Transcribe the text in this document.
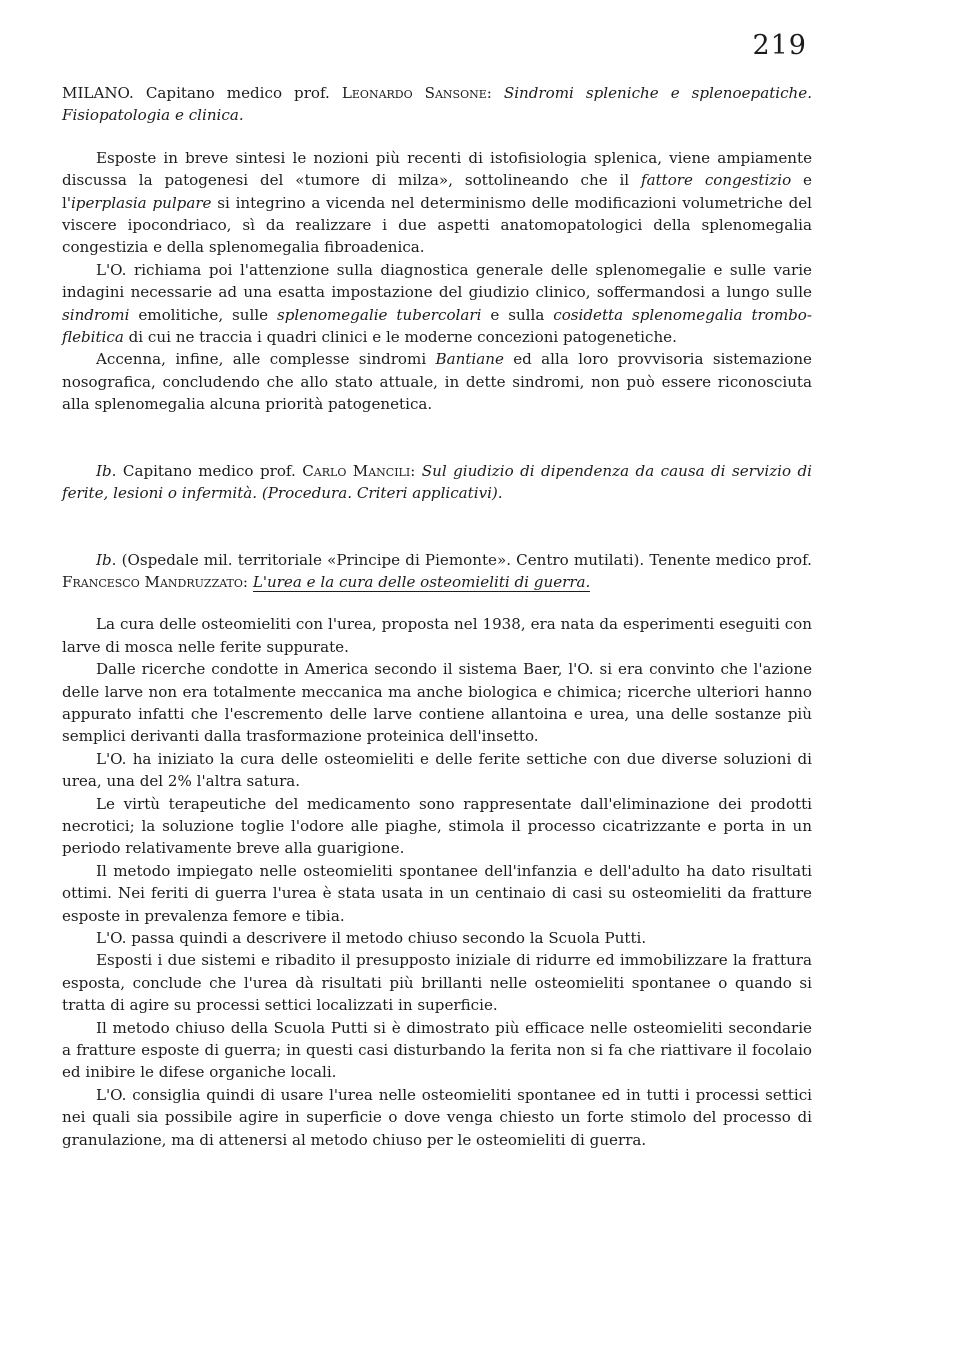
219

MILANO. Capitano medico prof. Leonardo Sansone: Sindromi spleniche e splenoepatiche. Fisiopatologia e clinica.

Esposte in breve sintesi le nozioni più recenti di istofisiologia splenica, viene ampiamente discussa la patogenesi del «tumore di milza», sottolineando che il fattore congestizio e l'iperplasia pulpare si integrino a vicenda nel determinismo delle modificazioni volumetriche del viscere ipocondriaco, sì da realizzare i due aspetti anatomopatologici della splenomegalia congestizia e della splenomegalia fibroadenica.

L'O. richiama poi l'attenzione sulla diagnostica generale delle splenomegalie e sulle varie indagini necessarie ad una esatta impostazione del giudizio clinico, soffermandosi a lungo sulle sindromi emolitiche, sulle splenomegalie tubercolari e sulla cosidetta splenomegalia trombo-flebitica di cui ne traccia i quadri clinici e le moderne concezioni patogenetiche.

Accenna, infine, alle complesse sindromi Bantiane ed alla loro provvisoria sistemazione nosografica, concludendo che allo stato attuale, in dette sindromi, non può essere riconosciuta alla splenomegalia alcuna priorità patogenetica.

Ib. Capitano medico prof. Carlo Mancili: Sul giudizio di dipendenza da causa di servizio di ferite, lesioni o infermità. (Procedura. Criteri applicativi).

Ib. (Ospedale mil. territoriale «Principe di Piemonte». Centro mutilati). Tenente medico prof. Francesco Mandruzzato: L'urea e la cura delle osteomieliti di guerra.

La cura delle osteomieliti con l'urea, proposta nel 1938, era nata da esperimenti eseguiti con larve di mosca nelle ferite suppurate.

Dalle ricerche condotte in America secondo il sistema Baer, l'O. si era convinto che l'azione delle larve non era totalmente meccanica ma anche biologica e chimica; ricerche ulteriori hanno appurato infatti che l'escremento delle larve contiene allantoina e urea, una delle sostanze più semplici derivanti dalla trasformazione proteinica dell'insetto.

L'O. ha iniziato la cura delle osteomieliti e delle ferite settiche con due diverse soluzioni di urea, una del 2% l'altra satura.

Le virtù terapeutiche del medicamento sono rappresentate dall'eliminazione dei prodotti necrotici; la soluzione toglie l'odore alle piaghe, stimola il processo cicatrizzante e porta in un periodo relativamente breve alla guarigione.

Il metodo impiegato nelle osteomieliti spontanee dell'infanzia e dell'adulto ha dato risultati ottimi. Nei feriti di guerra l'urea è stata usata in un centinaio di casi su osteomieliti da fratture esposte in prevalenza femore e tibia.

L'O. passa quindi a descrivere il metodo chiuso secondo la Scuola Putti.

Esposti i due sistemi e ribadito il presupposto iniziale di ridurre ed immobilizzare la frattura esposta, conclude che l'urea dà risultati più brillanti nelle osteomieliti spontanee o quando si tratta di agire su processi settici localizzati in superficie.

Il metodo chiuso della Scuola Putti si è dimostrato più efficace nelle osteomieliti secondarie a fratture esposte di guerra; in questi casi disturbando la ferita non si fa che riattivare il focolaio ed inibire le difese organiche locali.

L'O. consiglia quindi di usare l'urea nelle osteomieliti spontanee ed in tutti i processi settici nei quali sia possibile agire in superficie o dove venga chiesto un forte stimolo del processo di granulazione, ma di attenersi al metodo chiuso per le osteomieliti di guerra.
